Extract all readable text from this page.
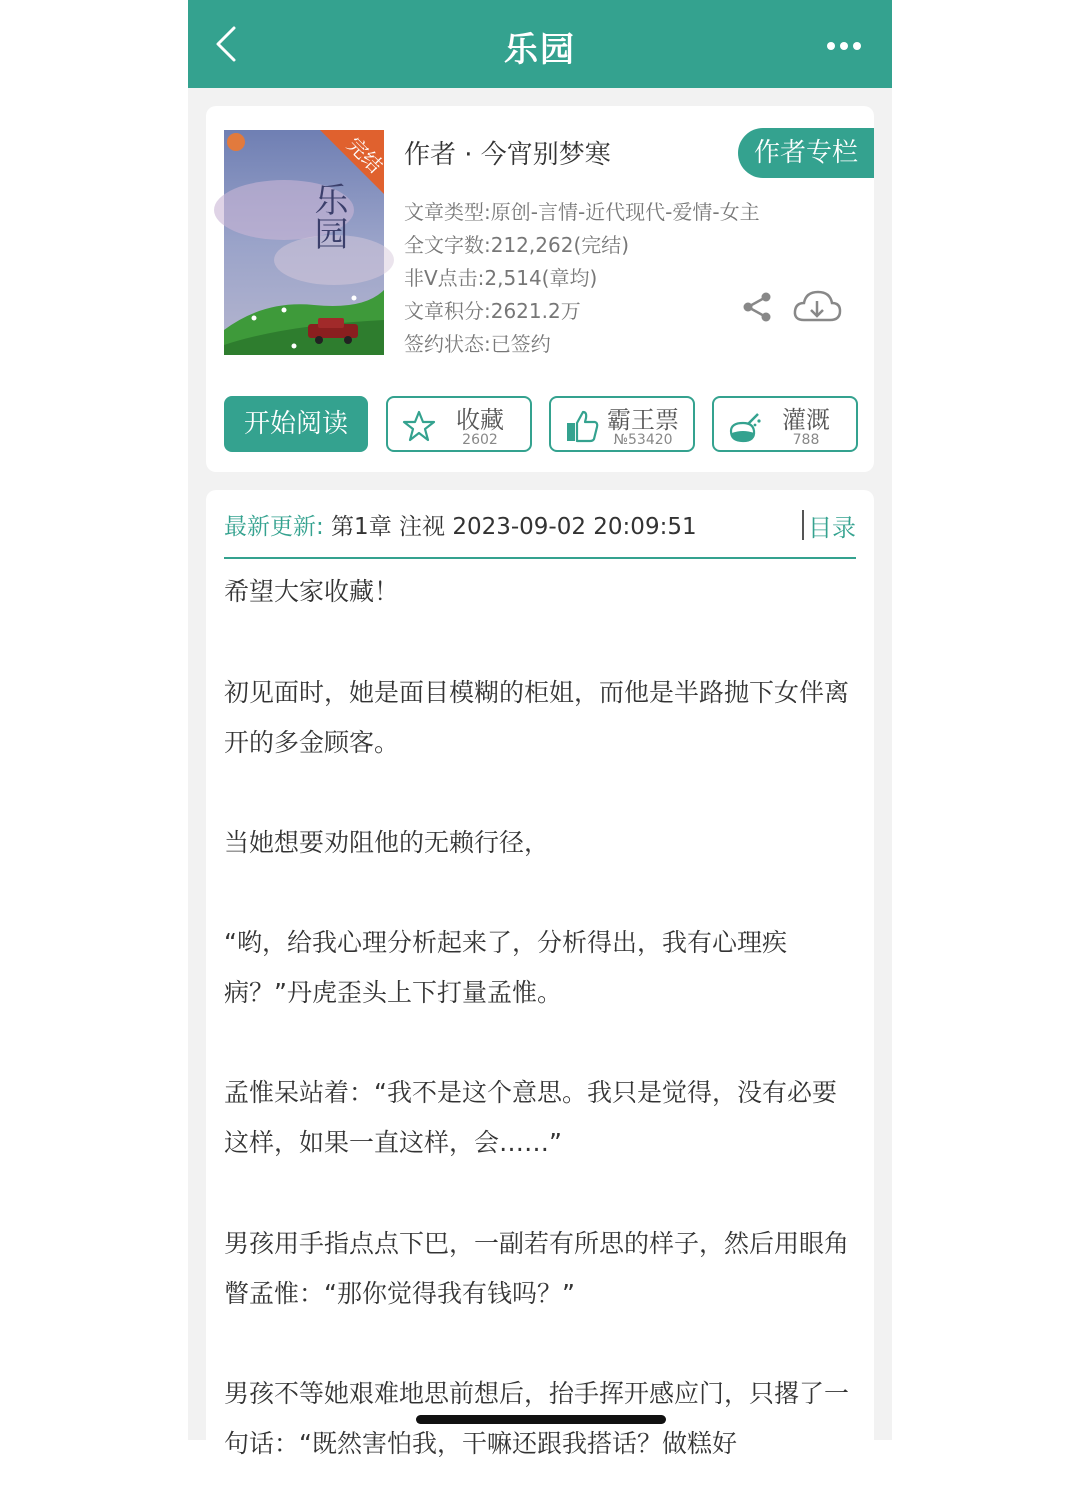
乐园
完结
乐园
作者 · 今宵别梦寒	作者专栏
文章类型:原创-言情-近代现代-爱情-女主
全文字数:212,262(完结)
非V点击:2,514(章均)
文章积分:2621.2万
签约状态:已签约
开始阅读	收藏
2602
霸王票
№53420
灌溉
788
最新更新: 第1章 注视 2023-09-02 20:09:51	目录

希望大家收藏！

初见面时，她是面目模糊的柜姐，而他是半路抛下女伴离开的多金顾客。

当她想要劝阻他的无赖行径，

“哟，给我心理分析起来了，分析得出，我有心理疾病？”丹虎歪头上下打量孟惟。

孟惟呆站着：“我不是这个意思。我只是觉得，没有必要这样，如果一直这样，会……”

男孩用手指点点下巴，一副若有所思的样子，然后用眼角瞥孟惟：“那你觉得我有钱吗？”

男孩不等她艰难地思前想后，抬手挥开感应门，只撂了一句话：“既然害怕我，干嘛还跟我搭话？做糕好
